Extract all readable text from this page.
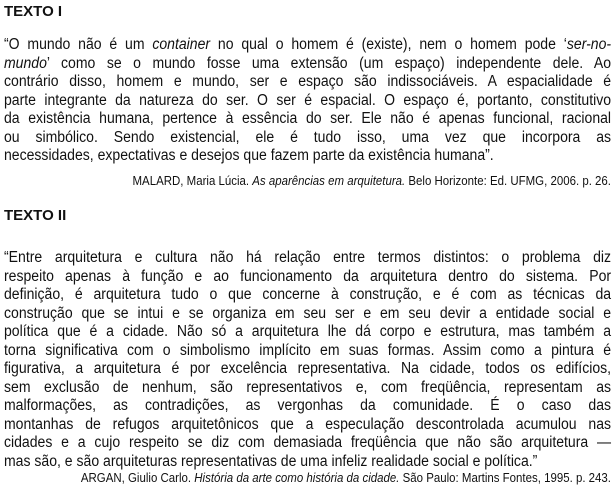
TEXTO I
“O mundo não é um container no qual o homem é (existe), nem o homem pode ‘ser-no-
mundo’ como se o mundo fosse uma extensão (um espaço) independente dele. Ao
contrário disso, homem e mundo, ser e espaço são indissociáveis. A espacialidade é
parte integrante da natureza do ser. O ser é espacial. O espaço é, portanto, constitutivo
da existência humana, pertence à essência do ser. Ele não é apenas funcional, racional
ou simbólico. Sendo existencial, ele é tudo isso, uma vez que incorpora as
necessidades, expectativas e desejos que fazem parte da existência humana”.
MALARD, Maria Lúcia. As aparências em arquitetura. Belo Horizonte: Ed. UFMG, 2006. p. 26.
TEXTO II
“Entre arquitetura e cultura não há relação entre termos distintos: o problema diz
respeito apenas à função e ao funcionamento da arquitetura dentro do sistema. Por
definição, é arquitetura tudo o que concerne à construção, e é com as técnicas da
construção que se intui e se organiza em seu ser e em seu devir a entidade social e
política que é a cidade. Não só a arquitetura lhe dá corpo e estrutura, mas também a
torna significativa com o simbolismo implícito em suas formas. Assim como a pintura é
figurativa, a arquitetura é por excelência representativa. Na cidade, todos os edifícios,
sem exclusão de nenhum, são representativos e, com freqüência, representam as
malformações, as contradições, as vergonhas da comunidade. É o caso das
montanhas de refugos arquitetônicos que a especulação descontrolada acumulou nas
cidades e a cujo respeito se diz com demasiada freqüência que não são arquitetura —
mas são, e são arquiteturas representativas de uma infeliz realidade social e política.”
ARGAN, Giulio Carlo. História da arte como história da cidade. São Paulo: Martins Fontes, 1995. p. 243.
